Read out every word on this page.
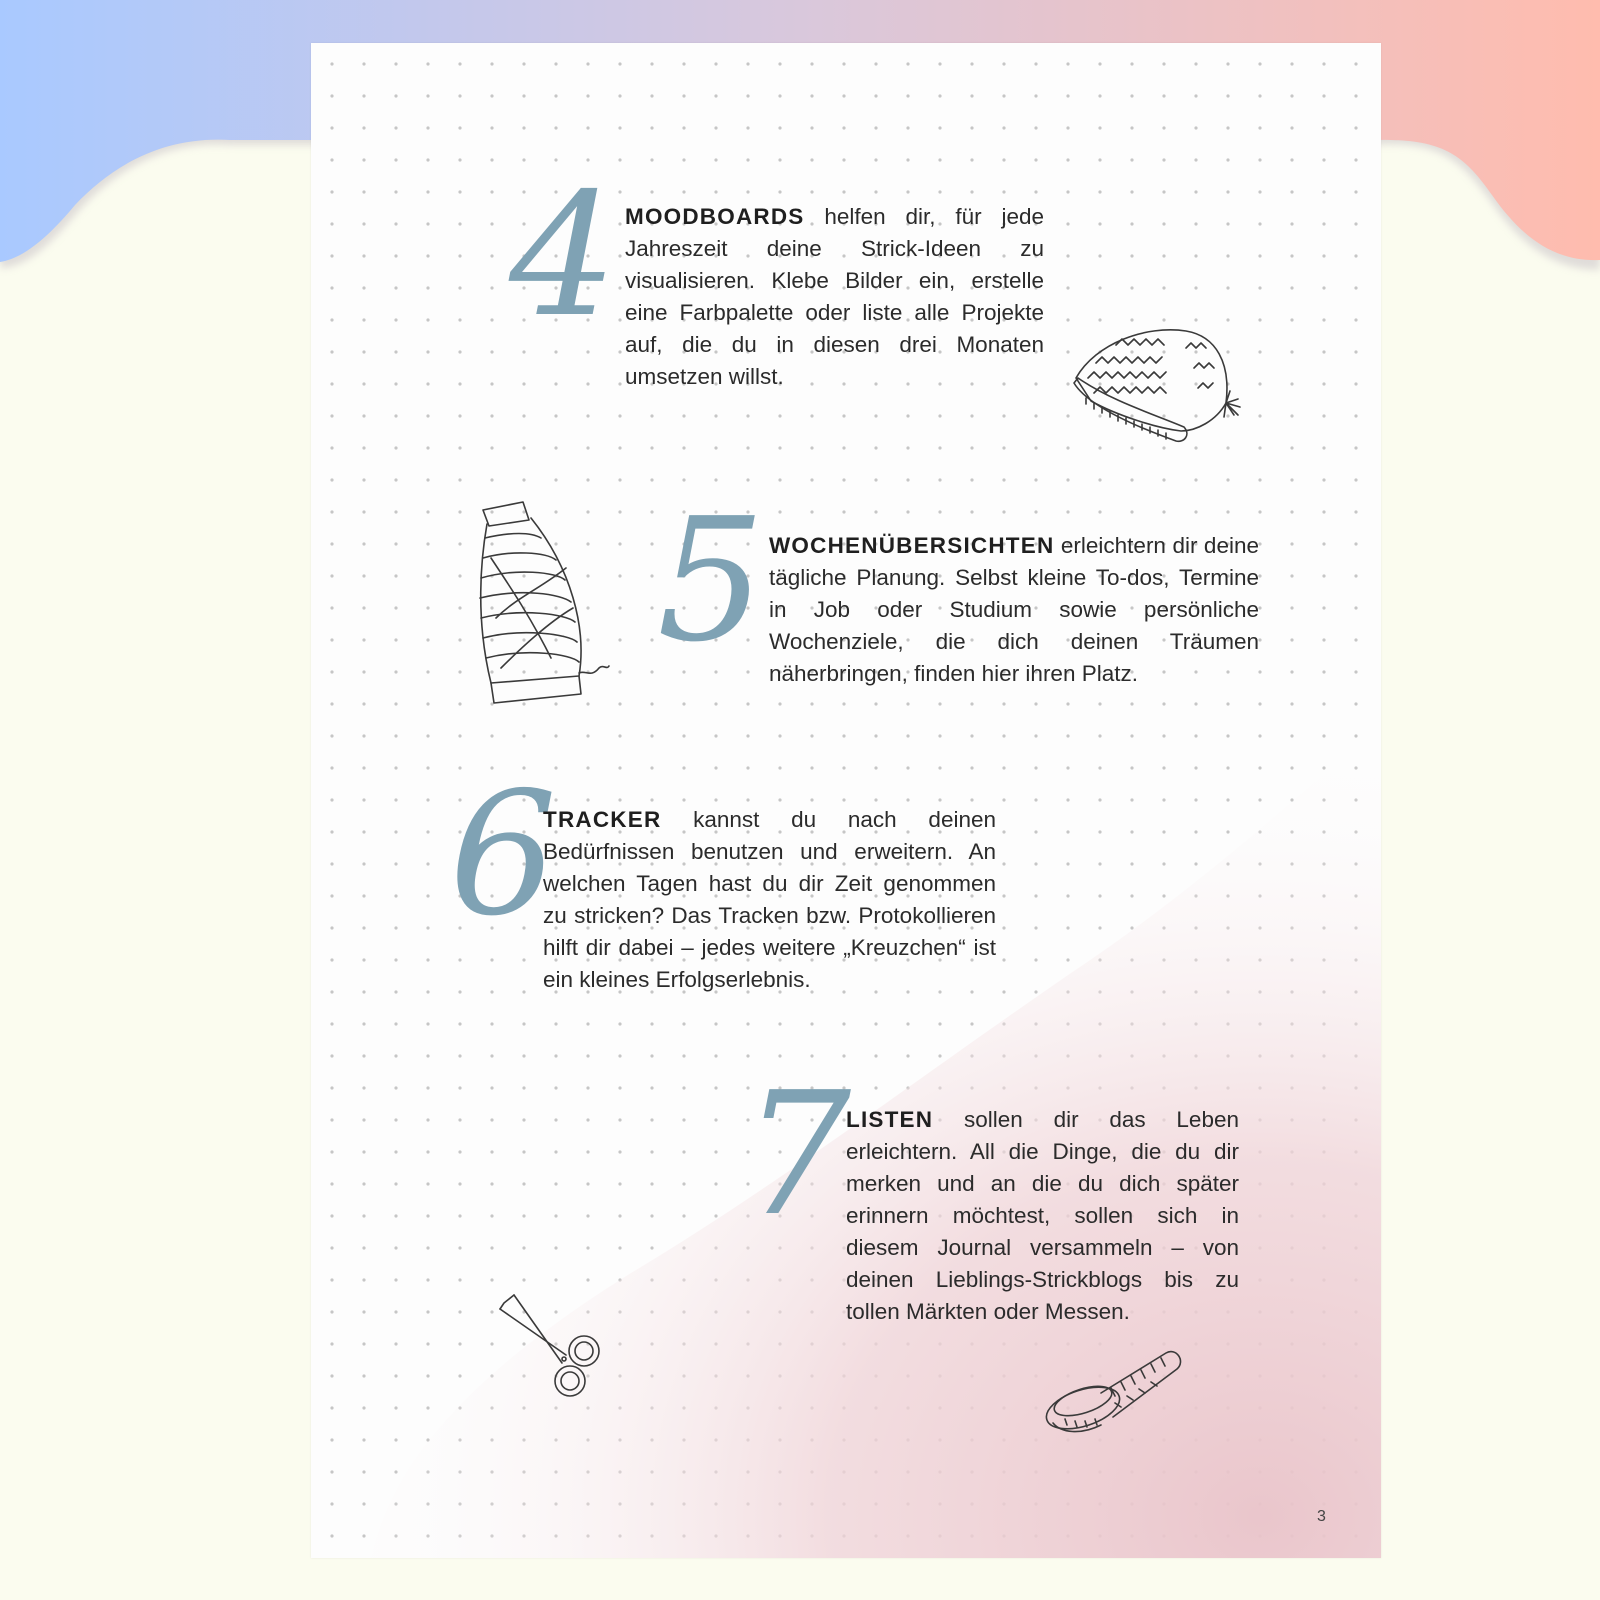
4 MOODBOARDS helfen dir, für jede Jahreszeit deine Strick-Ideen zu visualisieren. Klebe Bilder ein, erstelle eine Farbpalette oder liste alle Projekte auf, die du in diesen drei Monaten umsetzen willst.

5 WOCHENÜBERSICHTEN erleichtern dir deine tägliche Planung. Selbst kleine To-dos, Termine in Job oder Studium sowie persönliche Wochenziele, die dich deinen Träumen näherbringen, finden hier ihren Platz.

6

TRACKER kannst du nach deinen Bedürfnissen benutzen und erweitern. An welchen Tagen hast du dir Zeit genommen zu stricken? Das Tracken bzw. Protokollieren hilft dir dabei – jedes weitere „Kreuzchen“ ist ein kleines Erfolgserlebnis.

7

LISTEN sollen dir das Leben erleichtern. All die Dinge, die du dir merken und an die du dich später erinnern möchtest, sollen sich in diesem Journal versammeln – von deinen Lieblings-Strickblogs bis zu tollen Märkten oder Messen.

3
